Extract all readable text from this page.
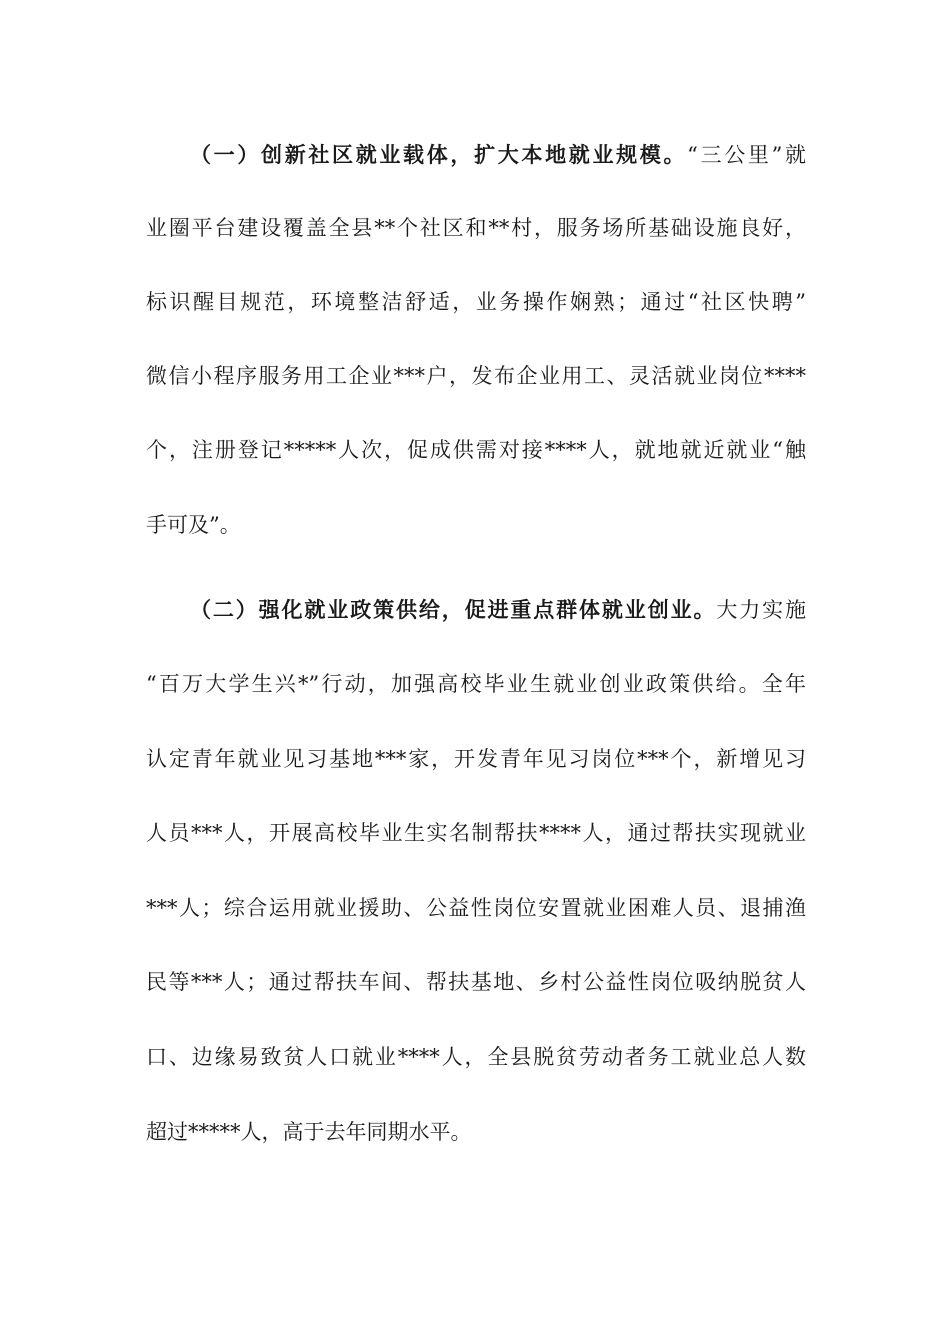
（一）创新社区就业载体，扩大本地就业规模。“三公里”就
业圈平台建设覆盖全县**个社区和**村，服务场所基础设施良好，
标识醒目规范，环境整洁舒适，业务操作娴熟；通过“社区快聘”
微信小程序服务用工企业***户，发布企业用工、灵活就业岗位****
个，注册登记*****人次，促成供需对接****人，就地就近就业“触
手可及”。
（二）强化就业政策供给，促进重点群体就业创业。大力实施
“百万大学生兴*”行动，加强高校毕业生就业创业政策供给。全年
认定青年就业见习基地***家，开发青年见习岗位***个，新增见习
人员***人，开展高校毕业生实名制帮扶****人，通过帮扶实现就业
***人；综合运用就业援助、公益性岗位安置就业困难人员、退捕渔
民等***人；通过帮扶车间、帮扶基地、乡村公益性岗位吸纳脱贫人
口、边缘易致贫人口就业****人，全县脱贫劳动者务工就业总人数
超过*****人，高于去年同期水平。
